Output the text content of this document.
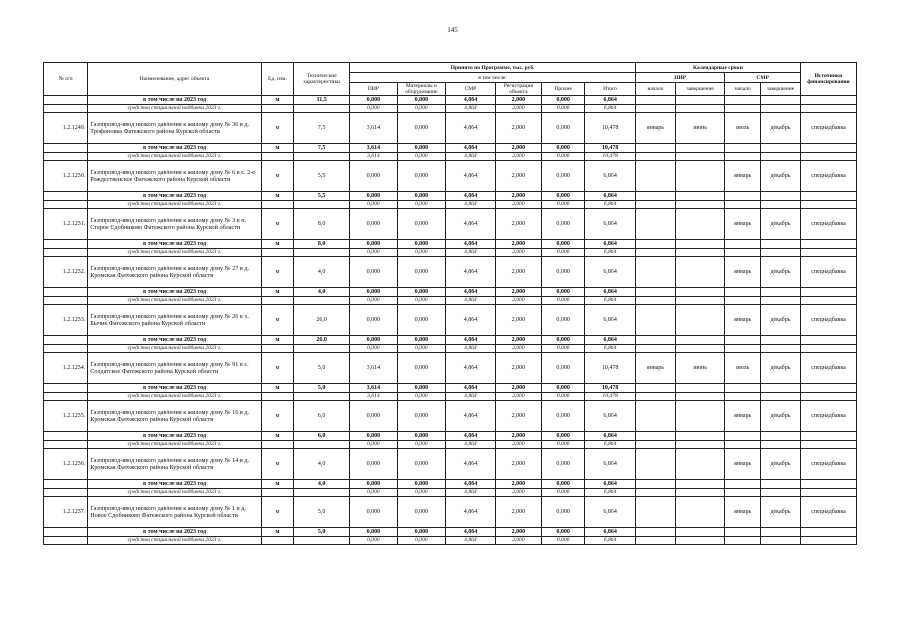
145
№ п/п	Наименование, адрес объекта	Ед. изм.	Технические характеристики	Принято по Программе, тыс. руб.						Календарные сроки				Источники финансирования
				в том числе:						ПИР		СМР		
				ПИР	Материалы и оборудование	СМР	Регистрация объекта	Прочие	Итого	начало	завершение	начало	завершение	
	в том числе на 2023 год	м	11,5	0,000	0,000	4,864	2,000	0,000	6,864					
	средства специальной надбавки 2023 г.			0,000	0,000	4,864	2,000	0,000	6,864					
1.2.1249.	Газопровод-ввод низкого давления к жилому дому № 36 в д. Трофоновка Фатежского района Курской области	м	7,5	3,614	0,000	4,864	2,000	0,000	10,478	январь	июнь	июль	декабрь	спецнадбавка
	в том числе на 2023 год	м	7,5	3,614	0,000	4,864	2,000	0,000	10,478					
	средства специальной надбавки 2023 г.			3,614	0,000	4,864	2,000	0,000	10,478					
1.2.1250.	Газопровод-ввод низкого давления к жилому дому № 6 в с. 2-е Рождественское Фатежского района Курской области	м	5,5	0,000	0,000	4,864	2,000	0,000	6,864			январь	декабрь	спецнадбавка
	в том числе на 2023 год	м	5,5	0,000	0,000	4,864	2,000	0,000	6,864					
	средства специальной надбавки 2023 г.			0,000	0,000	4,864	2,000	0,000	6,864					
1.2.1251.	Газопровод-ввод низкого давления к жилому дому № 3 в п. Старое Сдобниково Фатежского района Курской области	м	8,0	0,000	0,000	4,864	2,000	0,000	6,864			январь	декабрь	спецнадбавка
	в том числе на 2023 год	м	8,0	0,000	0,000	4,864	2,000	0,000	6,864					
	средства специальной надбавки 2023 г.			0,000	0,000	4,864	2,000	0,000	6,864					
1.2.1252.	Газопровод-ввод низкого давления к жилому дому № 27 в д. Кромская Фатежского района Курской области	м	4,0	0,000	0,000	4,864	2,000	0,000	6,864			январь	декабрь	спецнадбавка
	в том числе на 2023 год	м	4,0	0,000	0,000	4,864	2,000	0,000	6,864					
	средства специальной надбавки 2023 г.			0,000	0,000	4,864	2,000	0,000	6,864					
1.2.1253.	Газопровод-ввод низкого давления к жилому дому № 26 в х. Бычик Фатежского района Курской области	м	26,0	0,000	0,000	4,864	2,000	0,000	6,864			январь	декабрь	спецнадбавка
	в том числе на 2023 год	м	26,0	0,000	0,000	4,864	2,000	0,000	6,864					
	средства специальной надбавки 2023 г.			0,000	0,000	4,864	2,000	0,000	6,864					
1.2.1254.	Газопровод-ввод низкого давления к жилому дому № 91 в с. Солдатское Фатежского района Курской области	м	5,0	3,614	0,000	4,864	2,000	0,000	10,478	январь	июнь	июль	декабрь	спецнадбавка
	в том числе на 2023 год	м	5,0	3,614	0,000	4,864	2,000	0,000	10,478					
	средства специальной надбавки 2023 г.			3,614	0,000	4,864	2,000	0,000	10,478					
1.2.1255.	Газопровод-ввод низкого давления к жилому дому № 16 в д. Кромская Фатежского района Курской области	м	6,0	0,000	0,000	4,864	2,000	0,000	6,864			январь	декабрь	спецнадбавка
	в том числе на 2023 год	м	6,0	0,000	0,000	4,864	2,000	0,000	6,864					
	средства специальной надбавки 2023 г.			0,000	0,000	4,864	2,000	0,000	6,864					
1.2.1256.	Газопровод-ввод низкого давления к жилому дому № 14 в д. Кромская Фатежского района Курской области	м	4,0	0,000	0,000	4,864	2,000	0,000	6,864			январь	декабрь	спецнадбавка
	в том числе на 2023 год	м	4,0	0,000	0,000	4,864	2,000	0,000	6,864					
	средства специальной надбавки 2023 г.			0,000	0,000	4,864	2,000	0,000	6,864					
1.2.1257.	Газопровод-ввод низкого давления к жилому дому № 1 в д. Новое Сдобниково Фатежского района Курской области	м	5,0	0,000	0,000	4,864	2,000	0,000	6,864			январь	декабрь	спецнадбавка
	в том числе на 2023 год	м	5,0	0,000	0,000	4,864	2,000	0,000	6,864					
	средства специальной надбавки 2023 г.			0,000	0,000	4,864	2,000	0,000	6,864					
